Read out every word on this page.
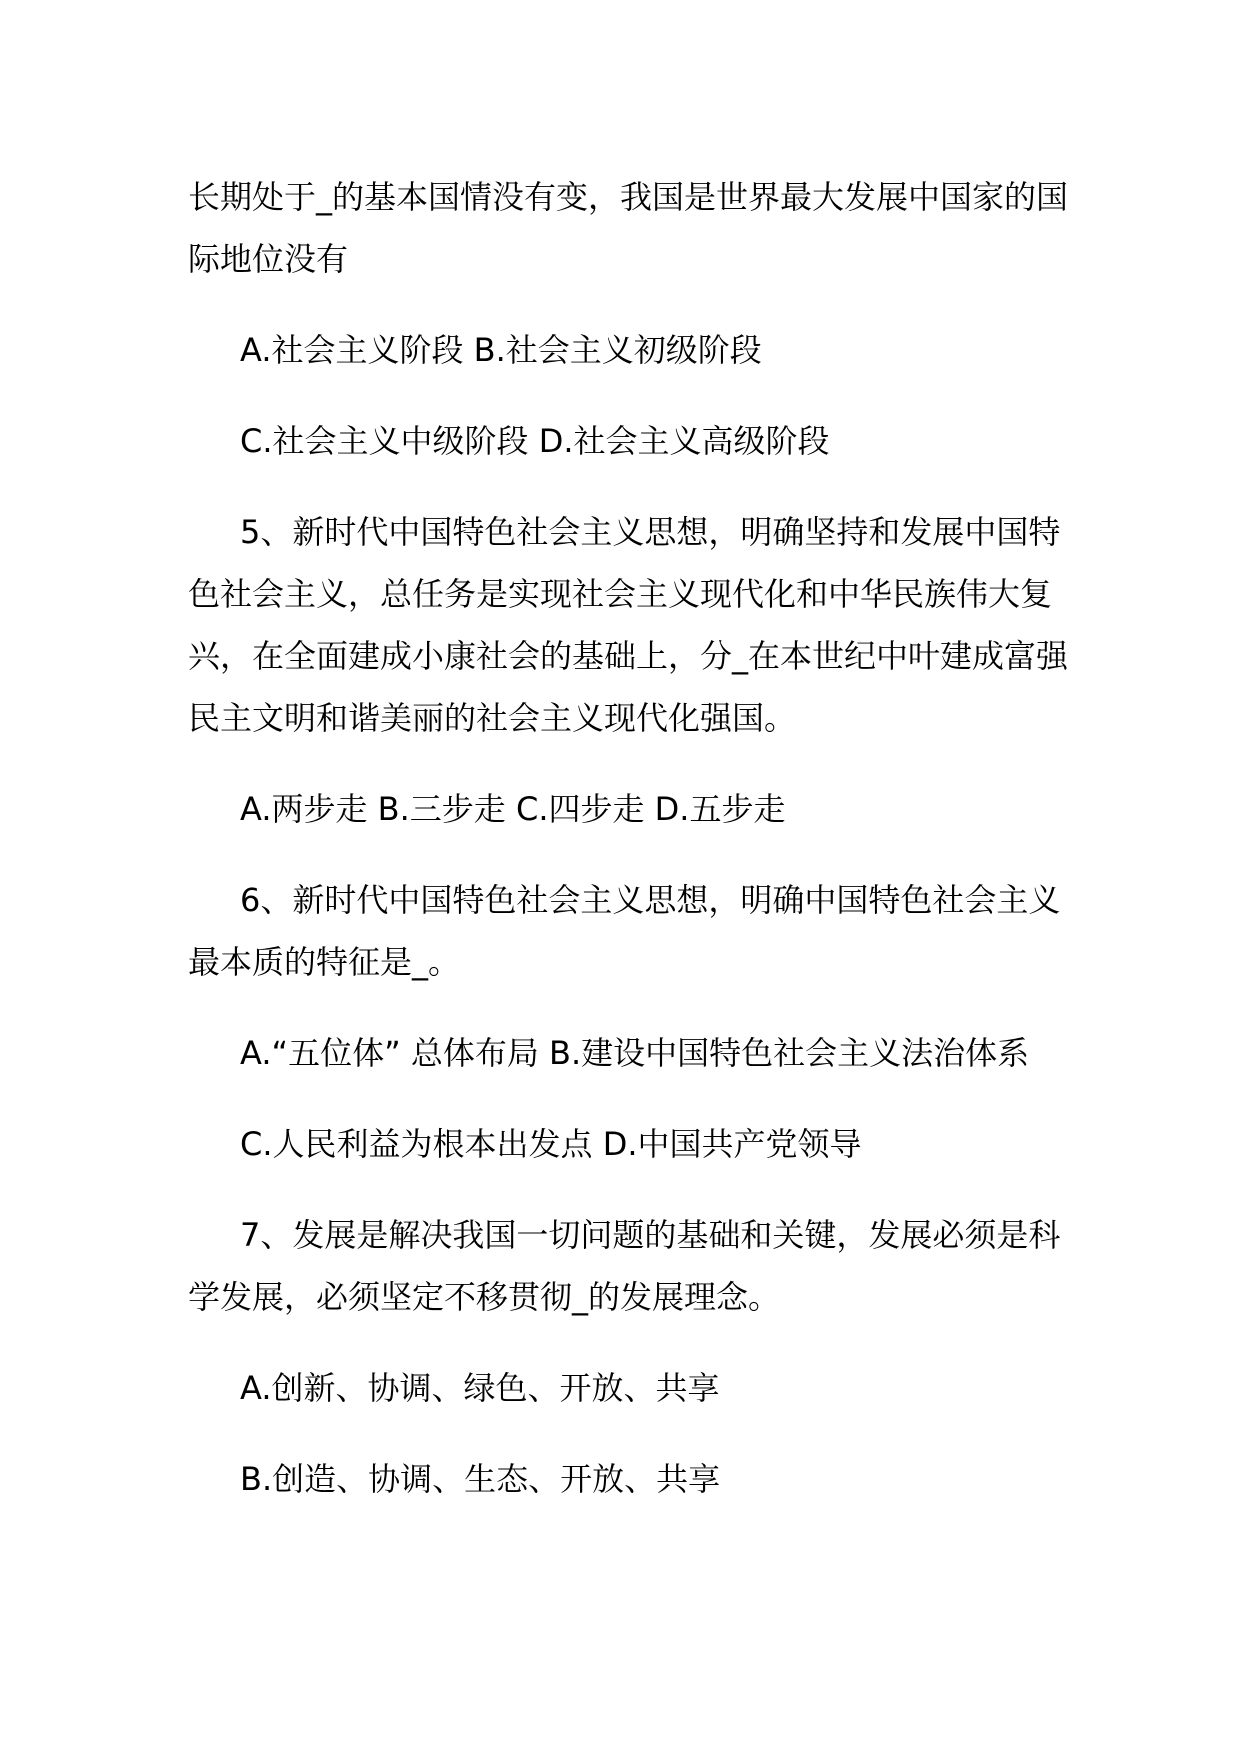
长期处于_的基本国情没有变，我国是世界最大发展中国家的国际地位没有

A.社会主义阶段 B.社会主义初级阶段

C.社会主义中级阶段 D.社会主义高级阶段

5、新时代中国特色社会主义思想，明确坚持和发展中国特色社会主义，总任务是实现社会主义现代化和中华民族伟大复兴，在全面建成小康社会的基础上，分_在本世纪中叶建成富强民主文明和谐美丽的社会主义现代化强国。

A.两步走 B.三步走 C.四步走 D.五步走

6、新时代中国特色社会主义思想，明确中国特色社会主义最本质的特征是_。

A.“五位体” 总体布局 B.建设中国特色社会主义法治体系

C.人民利益为根本出发点 D.中国共产党领导

7、发展是解决我国一切问题的基础和关键，发展必须是科学发展，必须坚定不移贯彻_的发展理念。

A.创新、协调、绿色、开放、共享

B.创造、协调、生态、开放、共享
